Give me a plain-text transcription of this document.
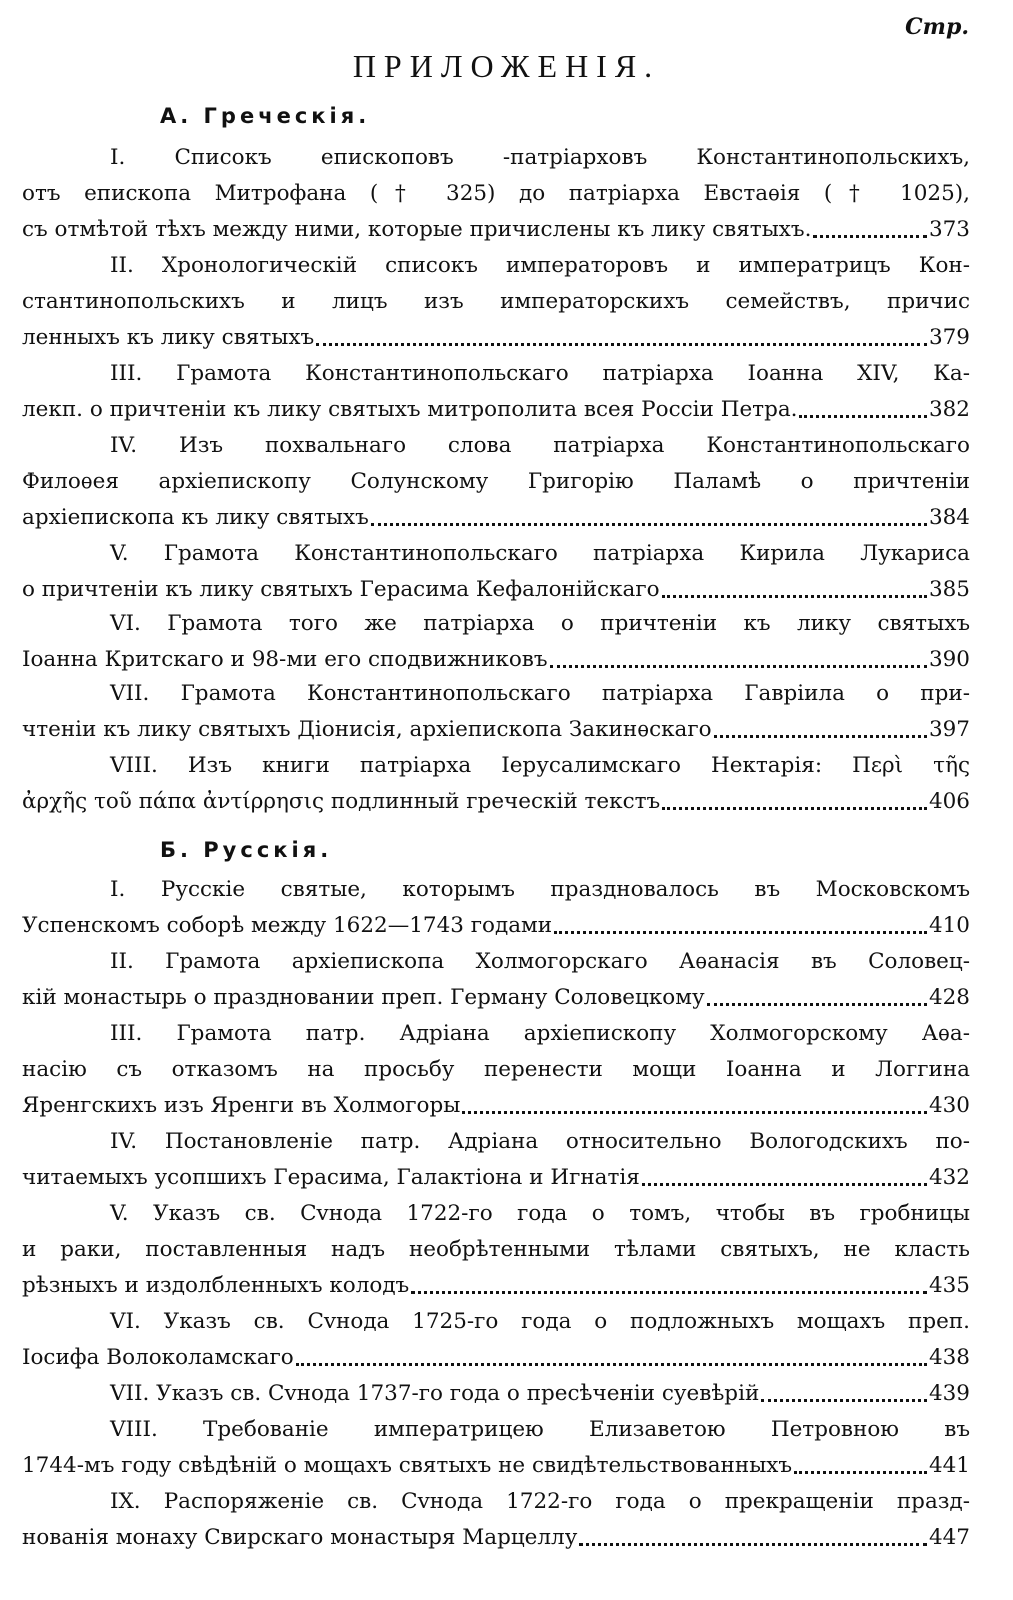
Стр.
ПРИЛОЖЕНІЯ.
А. Греческія.
I. Списокъ епископовъ -патріарховъ Константинопольскихъ,
отъ епископа Митрофана († 325) до патріарха Евстаѳія († 1025),
съ отмѣтой тѣхъ между ними, которые причислены къ лику святыхъ.	373
II. Хронологическій списокъ императоровъ и императрицъ Кон-
стантинопольскихъ и лицъ изъ императорскихъ семействъ, причис
ленныхъ къ лику святыхъ	379
III. Грамота Константинопольскаго патріарха Іоанна XIV, Ка-
лекп. о причтеніи къ лику святыхъ митрополита всея Россіи Петра.	382
IV. Изъ похвальнаго слова патріарха Константинопольскаго
Филоѳея архіепископу Солунскому Григорію Паламѣ о причтеніи
архіепископа къ лику святыхъ	384
V. Грамота Константинопольскаго патріарха Кирила Лукариса
о причтеніи къ лику святыхъ Герасима Кефалонійскаго	385
VI. Грамота того же патріарха о причтеніи къ лику святыхъ
Іоанна Критскаго и 98-ми его сподвижниковъ	390
VII. Грамота Константинопольскаго патріарха Гавріила о при-
чтеніи къ лику святыхъ Діонисія, архіепископа Закинѳскаго	397
VIII. Изъ книги патріарха Іерусалимскаго Нектарія: Περὶ τῆς
ἀρχῆς τοῦ πάπα ἀντίρρησις подлинный греческій текстъ	406
Б. Русскія.
I. Русскіе святые, которымъ праздновалось въ Московскомъ
Успенскомъ соборѣ между 1622—1743 годами	410
II. Грамота архіепископа Холмогорскаго Аѳанасія въ Соловец-
кій монастырь о праздновании преп. Герману Соловецкому	428
III. Грамота патр. Адріана архіепископу Холмогорскому Аѳа-
насію съ отказомъ на просьбу перенести мощи Іоанна и Логгина
Яренгскихъ изъ Яренги въ Холмогоры	430
IV. Постановленіе патр. Адріана относительно Вологодскихъ по-
читаемыхъ усопшихъ Герасима, Галактіона и Игнатія	432
V. Указъ св. Сvнода 1722-го года о томъ, чтобы въ гробницы
и раки, поставленныя надъ необрѣтенными тѣлами святыхъ, не класть
рѣзныхъ и издолбленныхъ колодъ	435
VI. Указъ св. Сvнода 1725-го года о подложныхъ мощахъ преп.
Іосифа Волоколамскаго	438
VII. Указъ св. Сvнода 1737-го года о пресѣченіи суевѣрій	439
VIII. Требованіе императрицею Елизаветою Петровною въ
1744-мъ году свѣдѣній о мощахъ святыхъ не свидѣтельствованныхъ	441
IX. Распоряженіе св. Сvнода 1722-го года о прекращеніи празд-
нованія монаху Свирскаго монастыря Марцеллу	447
